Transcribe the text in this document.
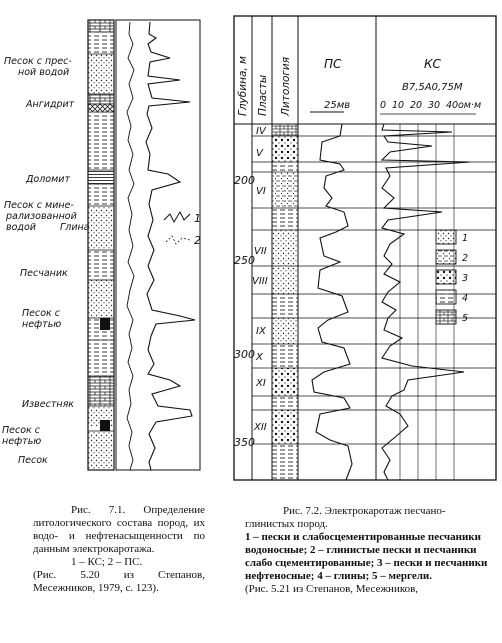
1
2
Песок с прес-
ной водой
Ангидрит
Доломит
Песок с мине-
рализованной
водой	Глина
Песчаник
Песок с
нефтью
Известняк
Песок с
нефтью
Песок
Глубина, м Пласты Литология	ПС	КС
25мв
B7,5A0,75M
0 10 20 30 40 ом·м
200
250
300
350
IV
V
VI
VII
VIII
IX
X
XI
XII
1
2
3
4
5
Рис. 7.1. Определение литологического состава пород, их водо- и нефтенасыщенности по данным электрокаротажа.
1 – КС; 2 – ПС.
(Рис. 5.20 из Степанов, Месежников, 1979, с. 123).
Рис. 7.2. Электрокаротаж песчано-глинистых пород.
1 – пески и слабосцементированные песчаники водоносные; 2 – глинистые пески и песчаники слабо сцементированные; 3 – пески и песчаники нефтеносные; 4 – глины; 5 – мергели.
(Рис. 5.21 из Степанов, Месежников,
